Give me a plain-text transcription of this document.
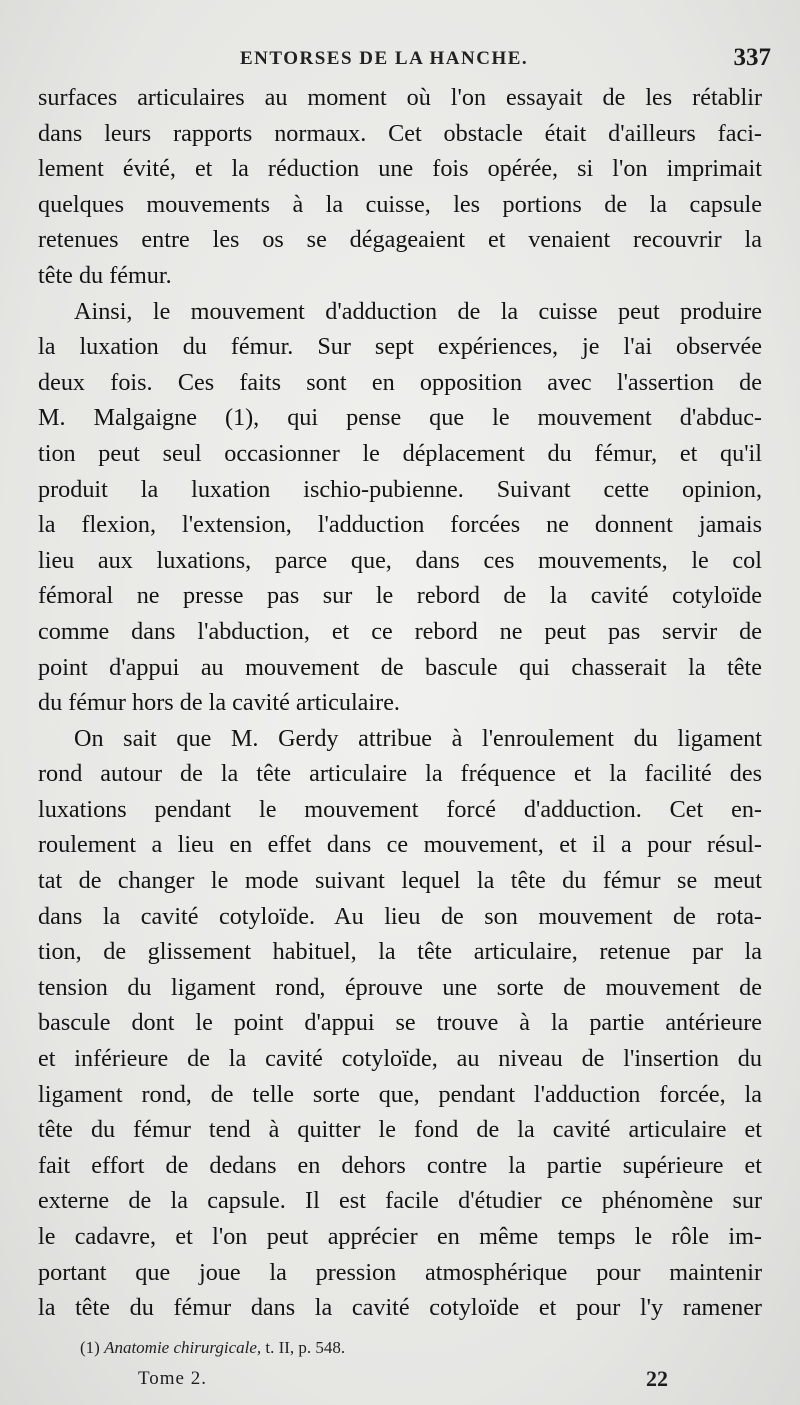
ENTORSES DE LA HANCHE.	337
surfaces articulaires au moment où l'on essayait de les rétablir
dans leurs rapports normaux. Cet obstacle était d'ailleurs faci-
lement évité, et la réduction une fois opérée, si l'on imprimait
quelques mouvements à la cuisse, les portions de la capsule
retenues entre les os se dégageaient et venaient recouvrir la
tête du fémur.
Ainsi, le mouvement d'adduction de la cuisse peut produire
la luxation du fémur. Sur sept expériences, je l'ai observée
deux fois. Ces faits sont en opposition avec l'assertion de
M. Malgaigne (1), qui pense que le mouvement d'abduc-
tion peut seul occasionner le déplacement du fémur, et qu'il
produit la luxation ischio-pubienne. Suivant cette opinion,
la flexion, l'extension, l'adduction forcées ne donnent jamais
lieu aux luxations, parce que, dans ces mouvements, le col
fémoral ne presse pas sur le rebord de la cavité cotyloïde
comme dans l'abduction, et ce rebord ne peut pas servir de
point d'appui au mouvement de bascule qui chasserait la tête
du fémur hors de la cavité articulaire.
On sait que M. Gerdy attribue à l'enroulement du ligament
rond autour de la tête articulaire la fréquence et la facilité des
luxations pendant le mouvement forcé d'adduction. Cet en-
roulement a lieu en effet dans ce mouvement, et il a pour résul-
tat de changer le mode suivant lequel la tête du fémur se meut
dans la cavité cotyloïde. Au lieu de son mouvement de rota-
tion, de glissement habituel, la tête articulaire, retenue par la
tension du ligament rond, éprouve une sorte de mouvement de
bascule dont le point d'appui se trouve à la partie antérieure
et inférieure de la cavité cotyloïde, au niveau de l'insertion du
ligament rond, de telle sorte que, pendant l'adduction forcée, la
tête du fémur tend à quitter le fond de la cavité articulaire et
fait effort de dedans en dehors contre la partie supérieure et
externe de la capsule. Il est facile d'étudier ce phénomène sur
le cadavre, et l'on peut apprécier en même temps le rôle im-
portant que joue la pression atmosphérique pour maintenir
la tête du fémur dans la cavité cotyloïde et pour l'y ramener
(1) Anatomie chirurgicale, t. II, p. 548.
Tome 2.	22
